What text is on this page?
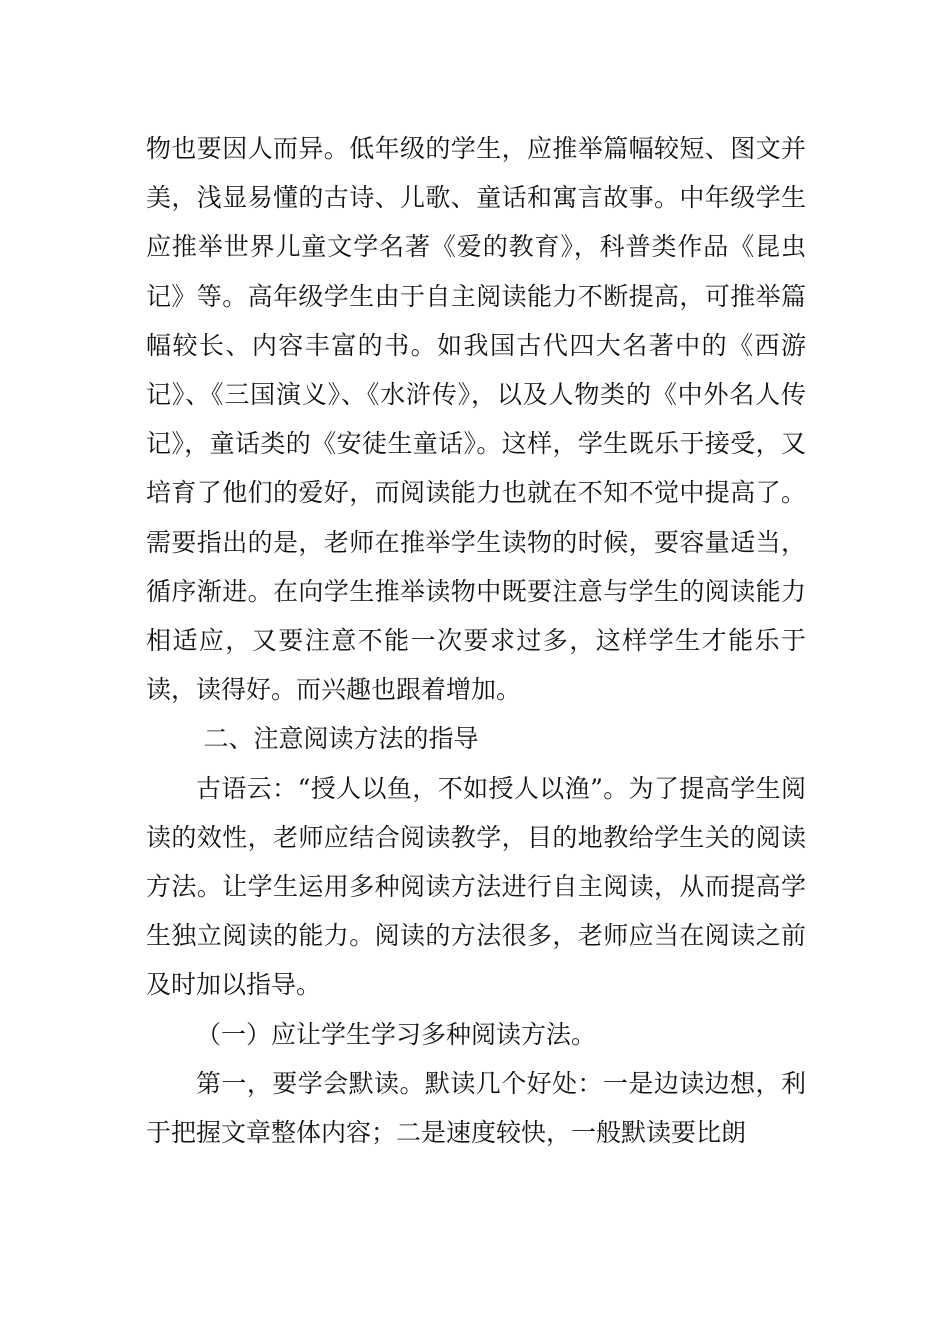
物也要因人而异。低年级的学生，应推举篇幅较短、图文并美，浅显易懂的古诗、儿歌、童话和寓言故事。中年级学生应推举世界儿童文学名著《爱的教育》，科普类作品《昆虫记》等。高年级学生由于自主阅读能力不断提高，可推举篇幅较长、内容丰富的书。如我国古代四大名著中的《西游记》、《三国演义》、《水浒传》，以及人物类的《中外名人传记》，童话类的《安徒生童话》。这样，学生既乐于接受，又培育了他们的爱好，而阅读能力也就在不知不觉中提高了。需要指出的是，老师在推举学生读物的时候，要容量适当，循序渐进。在向学生推举读物中既要注意与学生的阅读能力相适应，又要注意不能一次要求过多，这样学生才能乐于读，读得好。而兴趣也跟着增加。

二、注意阅读方法的指导

古语云：“授人以鱼，不如授人以渔”。为了提高学生阅读的效性，老师应结合阅读教学，目的地教给学生关的阅读方法。让学生运用多种阅读方法进行自主阅读，从而提高学生独立阅读的能力。阅读的方法很多，老师应当在阅读之前及时加以指导。

（一）应让学生学习多种阅读方法。

第一，要学会默读。默读几个好处：一是边读边想，利于把握文章整体内容；二是速度较快，一般默读要比朗
